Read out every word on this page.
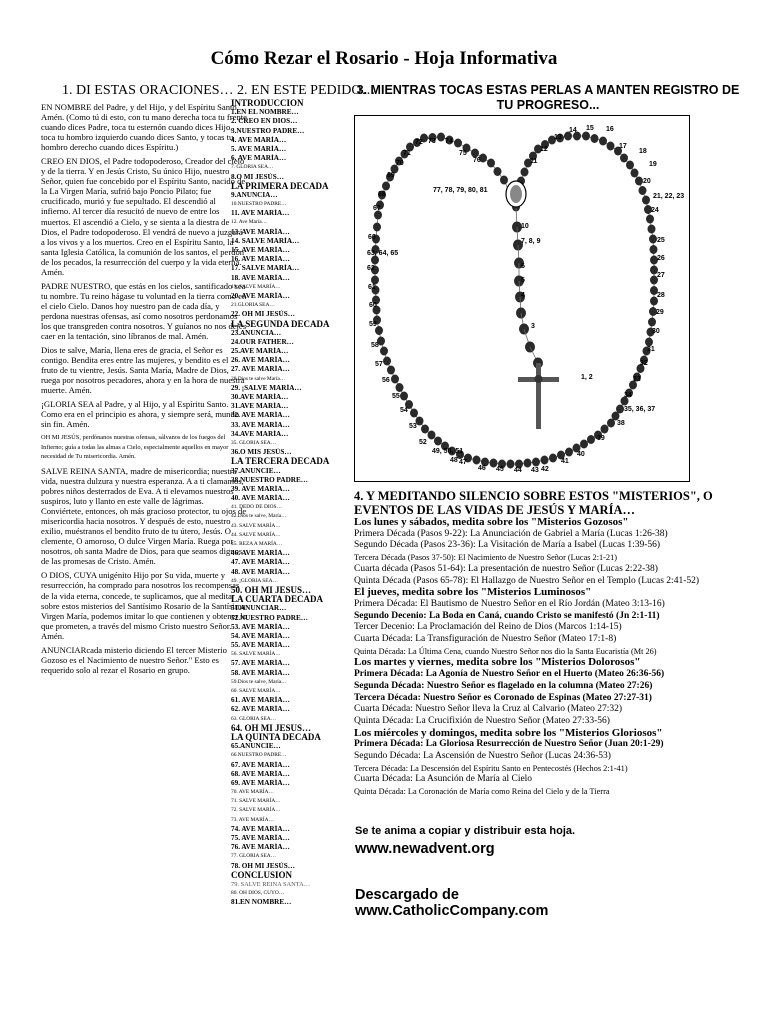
Cómo Rezar el Rosario - Hoja Informativa
1. DI ESTAS ORACIONES… 2. EN ESTE PEDIDO…
3. MIENTRAS TOCAS ESTAS PERLAS A MANTEN REGISTRO DE TU PROGRESO...

EN NOMBRE del Padre, y del Hijo, y del Espíritu Santo. Amén. (Como tú di esto, con tu mano derecha toca tu frente cuando dices Padre, toca tu esternón cuando dices Hijo, toca tu hombro izquierdo cuando dices Santo, y tocas tu hombro derecho cuando dices Espíritu.)

CREO EN DIOS, el Padre todopoderoso, Creador del cielo y de la tierra. Y en Jesús Cristo, Su único Hijo, nuestro Señor, quien fue concebido por el Espíritu Santo, nacido de la La Virgen María, sufrió bajo Poncio Pilato; fue crucificado, murió y fue sepultado. El descendió al infierno. Al tercer día resucitó de nuevo de entre los muertos. El ascendió a Cielo, y se sienta a la diestra de Dios, el Padre todopoderoso. El vendrá de nuevo a juzgará a los vivos y a los muertos. Creo en el Espíritu Santo, la santa Iglesia Católica, la comunión de los santos, el perdón de los pecados, la resurrección del cuerpo y la vida eterna. Amén.

PADRE NUESTRO, que estás en los cielos, santificado sea tu nombre. Tu reino hágase tu voluntad en la tierra como en el cielo Cielo. Danos hoy nuestro pan de cada día, y perdona nuestras ofensas, así como nosotros perdonamos los que transgreden contra nosotros. Y guíanos no nos dejes caer en la tentación, sino líbranos de mal. Amén.

Dios te salve, María, llena eres de gracia, el Señor es contigo. Bendita eres entre las mujeres, y bendito es el fruto de tu vientre, Jesús. Santa María, Madre de Dios, ruega por nosotros pecadores, ahora y en la hora de nuestra muerte. Amén.

¡GLORIA SEA al Padre, y al Hijo, y al Espíritu Santo. Como era en el principio es ahora, y siempre será, mundo sin fin. Amén.

OH MI JESÚS, perdónanos nuestras ofensas, sálvanos de los fuegos del Infierno; guía a todas las almas a Cielo, especialmente aquellos en mayor necesidad de Tu misericordia. Amén.

SALVE REINA SANTA, madre de misericordia; nuestra vida, nuestra dulzura y nuestra esperanza. A a ti clamamos, pobres niños desterrados de Eva. A ti elevamos nuestros suspiros, luto y llanto en este valle de lágrimas. Conviértete, entonces, oh más gracioso protector, tu ojos de misericordia hacia nosotros. Y después de esto, nuestro exilio, muéstranos el bendito fruto de tu útero, Jesús. O clemente, O amoroso, O dulce Virgen María. Ruega por nosotros, oh santa Madre de Dios, para que seamos dignos de las promesas de Cristo. Amén.

O DIOS, CUYA unigénito Hijo por Su vida, muerte y resurrección, ha comprado para nosotros los recompensas de la vida eterna, concede, te suplicamos, que al meditar sobre estos misterios del Santísimo Rosario de la Santísima Virgen María, podemos imitar lo que contienen y obtener lo que prometen, a través del mismo Cristo nuestro Señor. Amén.

ANUNCIARcada misterio diciendo El tercer Misterio Gozoso es el Nacimiento de nuestro Señor." Esto es requerido solo al rezar el Rosario en grupo.

INTRODUCCIÓN
1.EN EL NOMBRE…
2. CREO EN DIOS…
3.NUESTRO PADRE…
4. AVE MARÍA…
5. AVE MARÍA…
6. AVE MARÍA…
7. GLORIA SEA…
8.O MI JESÚS…
LA PRIMERA DÉCADA
9.ANUNCIA…
10.NUESTRO PADRE…
11. AVE MARÍA…
12. Ave María…
13. AVE MARÍA…
14. SALVE MARÍA…
15. AVE MARÍA…
16. AVE MARÍA…
17. SALVE MARÍA…
18. AVE MARÍA…
19. SALVE MARÍA…
20. AVE MARÍA…
21.GLORIA SEA…
22. OH MI JESÚS…
LA SEGUNDA DÉCADA
23.ANUNCIA…
24.OUR FATHER…
25.AVE MARÍA…
26. AVE MARÍA…
27. AVE MARÍA…
28.Dios te salve María…
29. ¡SALVE MARÍA…
30.AVE MARÍA…
31.AVE MARÍA…
32. AVE MARÍA…
33. AVE MARÍA…
34.AVE MARÍA…
35. GLORIA SEA…
36.O MIS JESÚS…
LA TERCERA DÉCADA
37.ANUNCIE…
38.NUESTRO PADRE…
39. AVE MARÍA…
40. AVE MARÍA…
41. DEDO DE DIOS…
42.Dios te salve, María…
43. SALVE MARÍA…
44. SALVE MARÍA…
45. REZA A MARÍA…
46. AVE MARÍA…
47. AVE MARÍA…
48. AVE MARÍA…
49. ¡GLORIA SEA…
50. OH MI JESÚS…
LA CUARTA DÉCADA
51.ANUNCIAR…
52.NUESTRO PADRE…
53. AVE MARÍA…
54. AVE MARÍA…
55. AVE MARÍA…
56. SALVE MARÍA…
57. AVE MARÍA…
58. AVE MARÍA…
59.Dios te salve, María…
60. SALVE MARÍA…
61. AVE MARÍA…
62. AVE MARÍA…
63. GLORIA SEA…
64. OH MI JESÚS…
LA QUINTA DÉCADA
65.ANUNCIE…
66.NUESTRO PADRE…
67. AVE MARÍA…
68. AVE MARÍA…
69. AVE MARÍA…
70. AVE MARÍA…
71. SALVE MARÍA…
72. SALVE MARÍA…
73. AVE MARÍA…
74. AVE MARÍA…
75. AVE MARÍA…
76. AVE MARÍA…
77. GLORIA SEA…
78. OH MI JESÚS…
CONCLUSIÓN
79. SALVE REINA SANTA…
80. OH DIOS, CUYO…
81.EN NOMBRE…
1, 2
3
4
5
6
7, 8, 9
10
11
12
13
14 15 16
17
18
19
20
21, 22, 23
24
25
26
27
28
29
30
31
32
33
34
35, 36, 37
38
39
40
41
42
43
44
45
46
47
48
49, 50, 51
52
53
54
55
56
57
58
59
60
61
62
63, 64, 65
66
67
68
69
70
71
72 73 74
75
76
77, 78, 79, 80, 81
4. Y MEDITANDO SILENCIO SOBRE ESTOS "MISTERIOS", O EVENTOS DE LAS VIDAS DE JESÚS Y MARÍA…
Los lunes y sábados, medita sobre los "Misterios Gozosos"
Primera Década (Pasos 9-22): La Anunciación de Gabriel a María (Lucas 1:26-38)
Segundo Década (Pasos 23-36): La Visitación de María a Isabel (Lucas 1:39-56)
Tercera Década (Pasos 37-50): El Nacimiento de Nuestro Señor (Lucas 2:1-21)
Cuarta década (Pasos 51-64): La presentación de nuestro Señor (Lucas 2:22-38)
Quinta Década (Pasos 65-78): El Hallazgo de Nuestro Señor en el Templo (Lucas 2:41-52)
El jueves, medita sobre los "Misterios Luminosos"
Primera Década: El Bautismo de Nuestro Señor en el Río Jordán (Mateo 3:13-16)
Segundo Decenio: La Boda en Caná, cuando Cristo se manifestó (Jn 2:1-11)
Tercer Decenio: La Proclamación del Reino de Dios (Marcos 1:14-15)
Cuarta Década: La Transfiguración de Nuestro Señor (Mateo 17:1-8)
Quinta Década: La Última Cena, cuando Nuestro Señor nos dio la Santa Eucaristía (Mt 26)
Los martes y viernes, medita sobre los "Misterios Dolorosos"
Primera Década: La Agonía de Nuestro Señor en el Huerto (Mateo 26:36-56)
Segunda Década: Nuestro Señor es flagelado en la columna (Mateo 27:26)
Tercera Década: Nuestro Señor es Coronado de Espinas (Mateo 27:27-31)
Cuarta Década: Nuestro Señor lleva la Cruz al Calvario (Mateo 27:32)
Quinta Década: La Crucifixión de Nuestro Señor (Mateo 27:33-56)
Los miércoles y domingos, medita sobre los "Misterios Gloriosos"
Primera Década: La Gloriosa Resurrección de Nuestro Señor (Juan 20:1-29)
Segundo Década: La Ascensión de Nuestro Señor (Lucas 24:36-53)
Tercera Década: La Descensión del Espíritu Santo en Pentecostés (Hechos 2:1-41)
Cuarta Década: La Asunción de María al Cielo
Quinta Década: La Coronación de María como Reina del Cielo y de la Tierra
Se te anima a copiar y distribuir esta hoja.
www.newadvent.org
Descargado de
www.CatholicCompany.com
